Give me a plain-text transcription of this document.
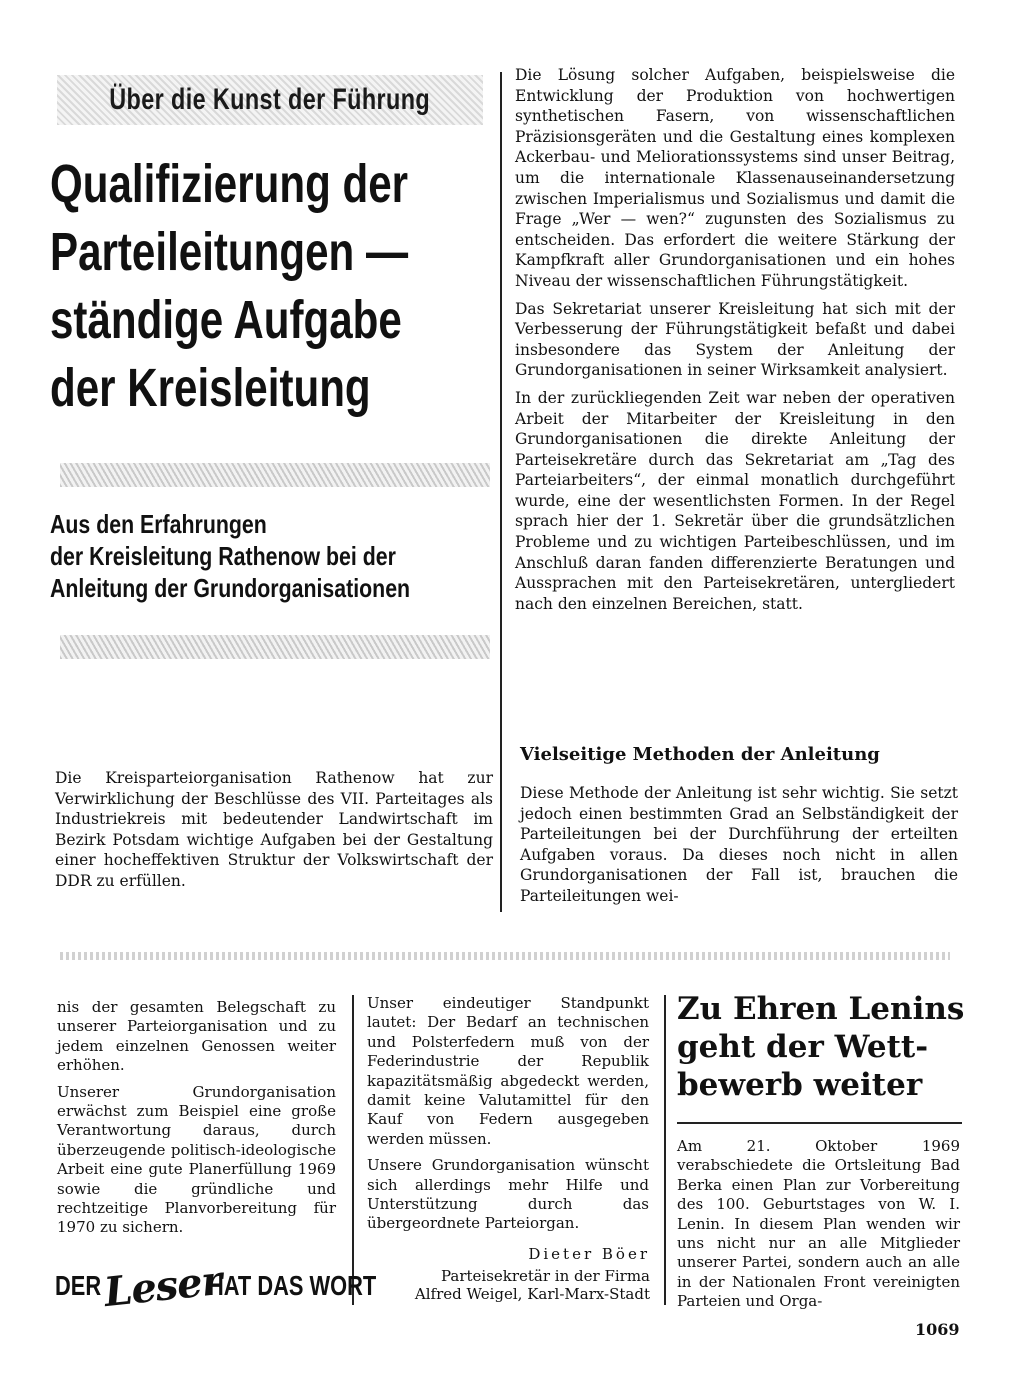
Über die Kunst der Führung
Qualifizierung der
Parteileitungen —
ständige Aufgabe
der Kreisleitung
Aus den Erfahrungen
der Kreisleitung Rathenow bei der
Anleitung der Grundorganisationen

Die Kreisparteiorganisation Rathenow hat zur Verwirklichung der Beschlüsse des VII. Parteitages als Industriekreis mit bedeutender Landwirtschaft im Bezirk Potsdam wichtige Aufgaben bei der Gestaltung einer hocheffektiven Struktur der Volkswirtschaft der DDR zu erfüllen.

Die Lösung solcher Aufgaben, beispielsweise die Entwicklung der Produktion von hochwertigen synthetischen Fasern, von wissenschaftlichen Präzisionsgeräten und die Gestaltung eines komplexen Ackerbau- und Meliorationssystems sind unser Beitrag, um die internationale Klassenauseinandersetzung zwischen Imperialismus und Sozialismus und damit die Frage „Wer — wen?“ zugunsten des Sozialismus zu entscheiden. Das erfordert die weitere Stärkung der Kampfkraft aller Grundorganisationen und ein hohes Niveau der wissenschaftlichen Führungstätigkeit.

Das Sekretariat unserer Kreisleitung hat sich mit der Verbesserung der Führungstätigkeit befaßt und dabei insbesondere das System der Anleitung der Grundorganisationen in seiner Wirksamkeit analysiert.

In der zurückliegenden Zeit war neben der operativen Arbeit der Mitarbeiter der Kreisleitung in den Grundorganisationen die direkte Anleitung der Parteisekretäre durch das Sekretariat am „Tag des Parteiarbeiters“, der einmal monatlich durchgeführt wurde, eine der wesentlichsten Formen. In der Regel sprach hier der 1. Sekretär über die grundsätzlichen Probleme und zu wichtigen Parteibeschlüssen, und im Anschluß daran fanden differenzierte Beratungen und Aussprachen mit den Parteisekretären, untergliedert nach den einzelnen Bereichen, statt.

Vielseitige Methoden der Anleitung

Diese Methode der Anleitung ist sehr wichtig. Sie setzt jedoch einen bestimmten Grad an Selbständigkeit der Parteileitungen bei der Durchführung der erteilten Aufgaben voraus. Da dieses noch nicht in allen Grundorganisationen der Fall ist, brauchen die Parteileitungen wei-

nis der gesamten Belegschaft zu unserer Parteiorganisation und zu jedem einzelnen Genossen weiter erhöhen.

Unserer Grundorganisation erwächst zum Beispiel eine große Verantwortung daraus, durch überzeugende politisch-ideologische Arbeit eine gute Planerfüllung 1969 sowie die gründliche und rechtzeitige Planvorbereitung für 1970 zu sichern.

Unser eindeutiger Standpunkt lautet: Der Bedarf an technischen und Polsterfedern muß von der Federindustrie der Republik kapazitätsmäßig abgedeckt werden, damit keine Valutamittel für den Kauf von Federn ausgegeben werden müssen.

Unsere Grundorganisation wünscht sich allerdings mehr Hilfe und Unterstützung durch das übergeordnete Parteiorgan.

Dieter Böer
Parteisekretär in der Firma
Alfred Weigel, Karl-Marx-Stadt
DER Leser
HAT DAS WORT
Zu Ehren Lenins
geht der Wett-
bewerb weiter

Am 21. Oktober 1969 verabschiedete die Ortsleitung Bad Berka einen Plan zur Vorbereitung des 100. Geburtstages von W. I. Lenin. In diesem Plan wenden wir uns nicht nur an alle Mitglieder unserer Partei, sondern auch an alle in der Nationalen Front vereinigten Parteien und Orga-

1069
